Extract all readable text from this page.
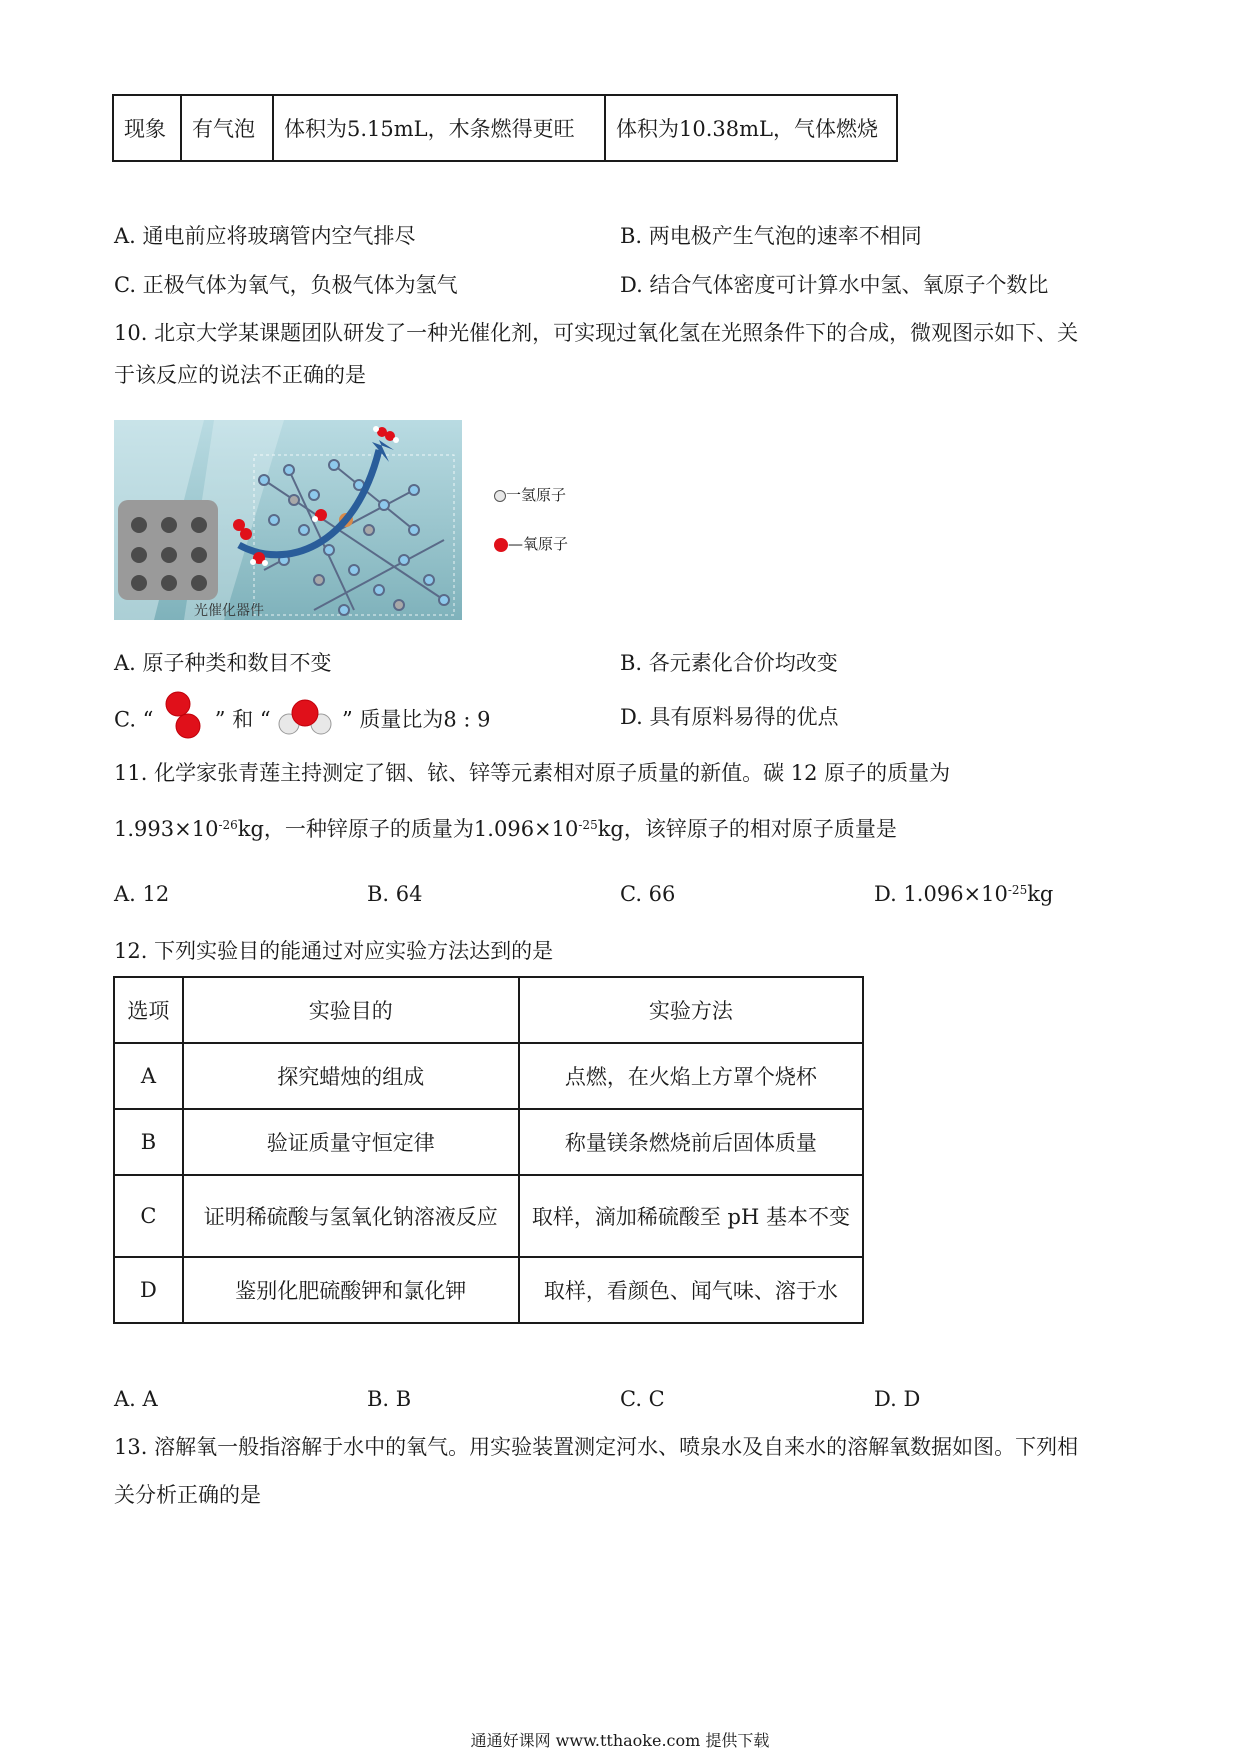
现象	有气泡	体积为5.15mL，木条燃得更旺	体积为10.38mL，气体燃烧
A. 通电前应将玻璃管内空气排尽	B. 两电极产生气泡的速率不相同
C. 正极气体为氧气，负极气体为氢气	D. 结合气体密度可计算水中氢、氧原子个数比
10. 北京大学某课题团队研发了一种光催化剂，可实现过氧化氢在光照条件下的合成，微观图示如下、关
于该反应的说法不正确的是
光催化器件
一氢原子
—氧原子
A. 原子种类和数目不变	B. 各元素化合价均改变
C. “	” 和 “	” 质量比为8 : 9	D. 具有原料易得的优点
11. 化学家张青莲主持测定了铟、铱、锌等元素相对原子质量的新值。碳 12 原子的质量为
$1.993\times 10^{-26}kg$，一种锌原子的质量为$1.096\times 10^{-25}kg$，该锌原子的相对原子质量是
A. 12	B. 64	C. 66	D. $1.096\times 10^{-25}kg$
12. 下列实验目的能通过对应实验方法达到的是
选项	实验目的	实验方法
A	探究蜡烛的组成	点燃，在火焰上方罩个烧杯
B	验证质量守恒定律	称量镁条燃烧前后固体质量
C	证明稀硫酸与氢氧化钠溶液反应	取样，滴加稀硫酸至 pH 基本不变
D	鉴别化肥硫酸钾和氯化钾	取样，看颜色、闻气味、溶于水
A. A	B. B	C. C	D. D
13. 溶解氧一般指溶解于水中的氧气。用实验装置测定河水、喷泉水及自来水的溶解氧数据如图。下列相
关分析正确的是
通通好课网 www.tthaoke.com 提供下载
